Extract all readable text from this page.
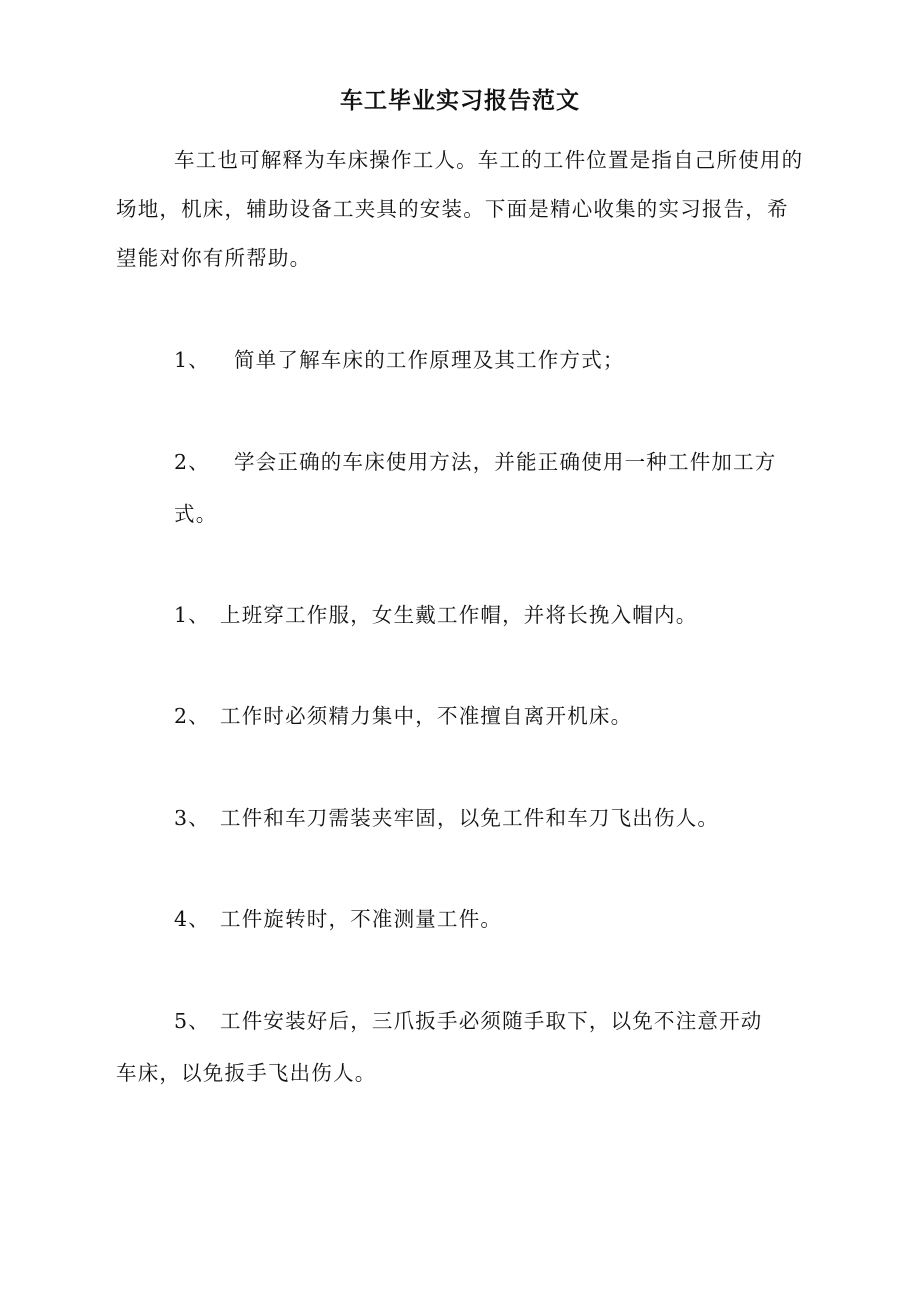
车工毕业实习报告范文

车工也可解释为车床操作工人。车工的工件位置是指自己所使用的场地，机床，辅助设备工夹具的安装。下面是精心收集的实习报告，希望能对你有所帮助。

1、 简单了解车床的工作原理及其工作方式；

2、 学会正确的车床使用方法，并能正确使用一种工件加工方

式。

1、 上班穿工作服，女生戴工作帽，并将长挽入帽内。

2、 工作时必须精力集中，不准擅自离开机床。

3、 工件和车刀需装夹牢固，以免工件和车刀飞出伤人。

4、 工件旋转时，不准测量工件。

5、 工件安装好后，三爪扳手必须随手取下，以免不注意开动

车床，以免扳手飞出伤人。
